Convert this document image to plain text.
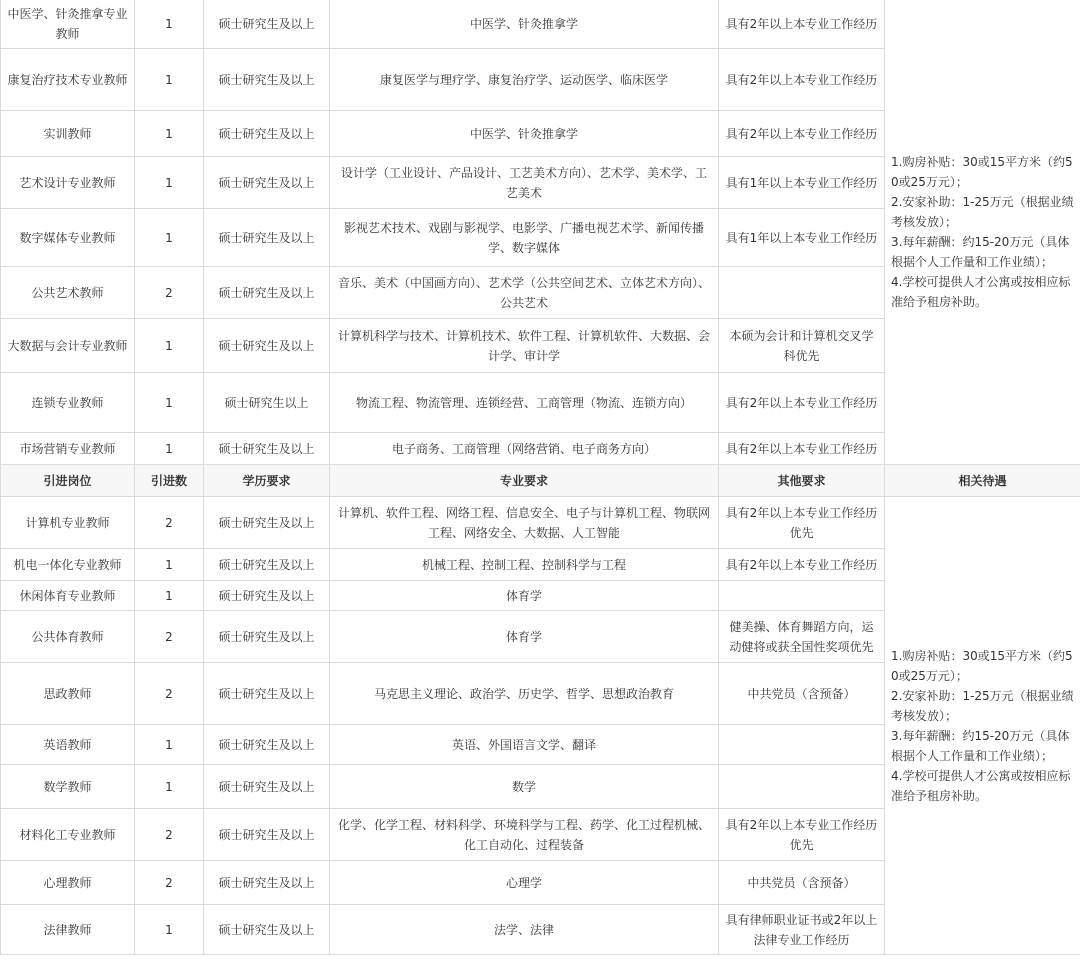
中医学、针灸推拿专业教师	1	硕士研究生及以上	中医学、针灸推拿学	具有2年以上本专业工作经历	1.购房补贴：30或15平方米（约50或25万元）；
2.安家补助：1-25万元（根据业绩考核发放）；
3.每年薪酬：约15-20万元（具体根据个人工作量和工作业绩）；
4.学校可提供人才公寓或按相应标准给予租房补助。

康复治疗技术专业教师	1	硕士研究生及以上	康复医学与理疗学、康复治疗学、运动医学、临床医学	具有2年以上本专业工作经历	
实训教师	1	硕士研究生及以上	中医学、针灸推拿学	具有2年以上本专业工作经历	
艺术设计专业教师	1	硕士研究生及以上	设计学（工业设计、产品设计、工艺美术方向）、艺术学、美术学、工艺美术	具有1年以上本专业工作经历	
数字媒体专业教师	1	硕士研究生及以上	影视艺术技术、戏剧与影视学、电影学、广播电视艺术学、新闻传播学、数字媒体	具有1年以上本专业工作经历	
公共艺术教师	2	硕士研究生及以上	音乐、美术（中国画方向）、艺术学（公共空间艺术、立体艺术方向）、公共艺术		
大数据与会计专业教师	1	硕士研究生及以上	计算机科学与技术、计算机技术、软件工程、计算机软件、大数据、会计学、审计学	本硕为会计和计算机交叉学科优先	
连锁专业教师	1	硕士研究生以上	物流工程、物流管理、连锁经营、工商管理（物流、连锁方向）	具有2年以上本专业工作经历	
市场营销专业教师	1	硕士研究生及以上	电子商务、工商管理（网络营销、电子商务方向）	具有2年以上本专业工作经历	
引进岗位	引进数	学历要求	专业要求	其他要求	相关待遇
计算机专业教师	2	硕士研究生及以上	计算机、软件工程、网络工程、信息安全、电子与计算机工程、物联网工程、网络安全、大数据、人工智能	具有2年以上本专业工作经历优先	1.购房补贴：30或15平方米（约50或25万元）；
2.安家补助：1-25万元（根据业绩考核发放）；
3.每年薪酬：约15-20万元（具体根据个人工作量和工作业绩）；
4.学校可提供人才公寓或按相应标准给予租房补助。

机电一体化专业教师	1	硕士研究生及以上	机械工程、控制工程、控制科学与工程	具有2年以上本专业工作经历	
休闲体育专业教师	1	硕士研究生及以上	体育学		
公共体育教师	2	硕士研究生及以上	体育学	健美操、体育舞蹈方向，运动健将或获全国性奖项优先	
思政教师	2	硕士研究生及以上	马克思主义理论、政治学、历史学、哲学、思想政治教育	中共党员（含预备）	
英语教师	1	硕士研究生及以上	英语、外国语言文学、翻译		
数学教师	1	硕士研究生及以上	数学		
材料化工专业教师	2	硕士研究生及以上	化学、化学工程、材料科学、环境科学与工程、药学、化工过程机械、化工自动化、过程装备	具有2年以上本专业工作经历优先	
心理教师	2	硕士研究生及以上	心理学	中共党员（含预备）	
法律教师	1	硕士研究生及以上	法学、法律	具有律师职业证书或2年以上法律专业工作经历	
